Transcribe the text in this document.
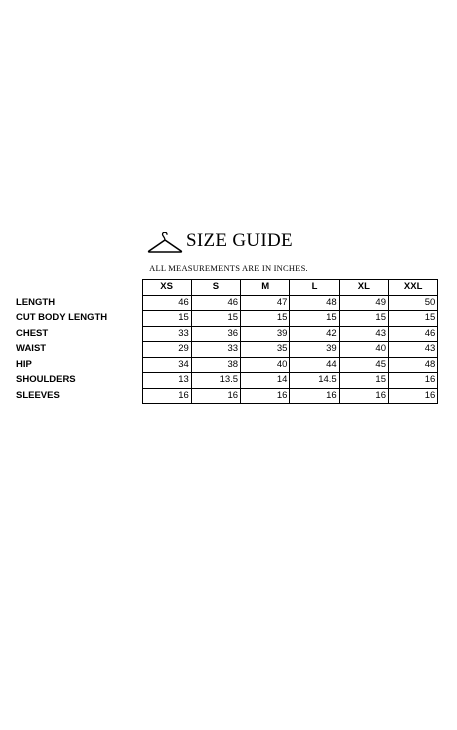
SIZE GUIDE
ALL MEASUREMENTS ARE IN INCHES.
	XS	S	M	L	XL	XXL
LENGTH	46	46	47	48	49	50
CUT BODY LENGTH	15	15	15	15	15	15
CHEST	33	36	39	42	43	46
WAIST	29	33	35	39	40	43
HIP	34	38	40	44	45	48
SHOULDERS	13	13.5	14	14.5	15	16
SLEEVES	16	16	16	16	16	16
